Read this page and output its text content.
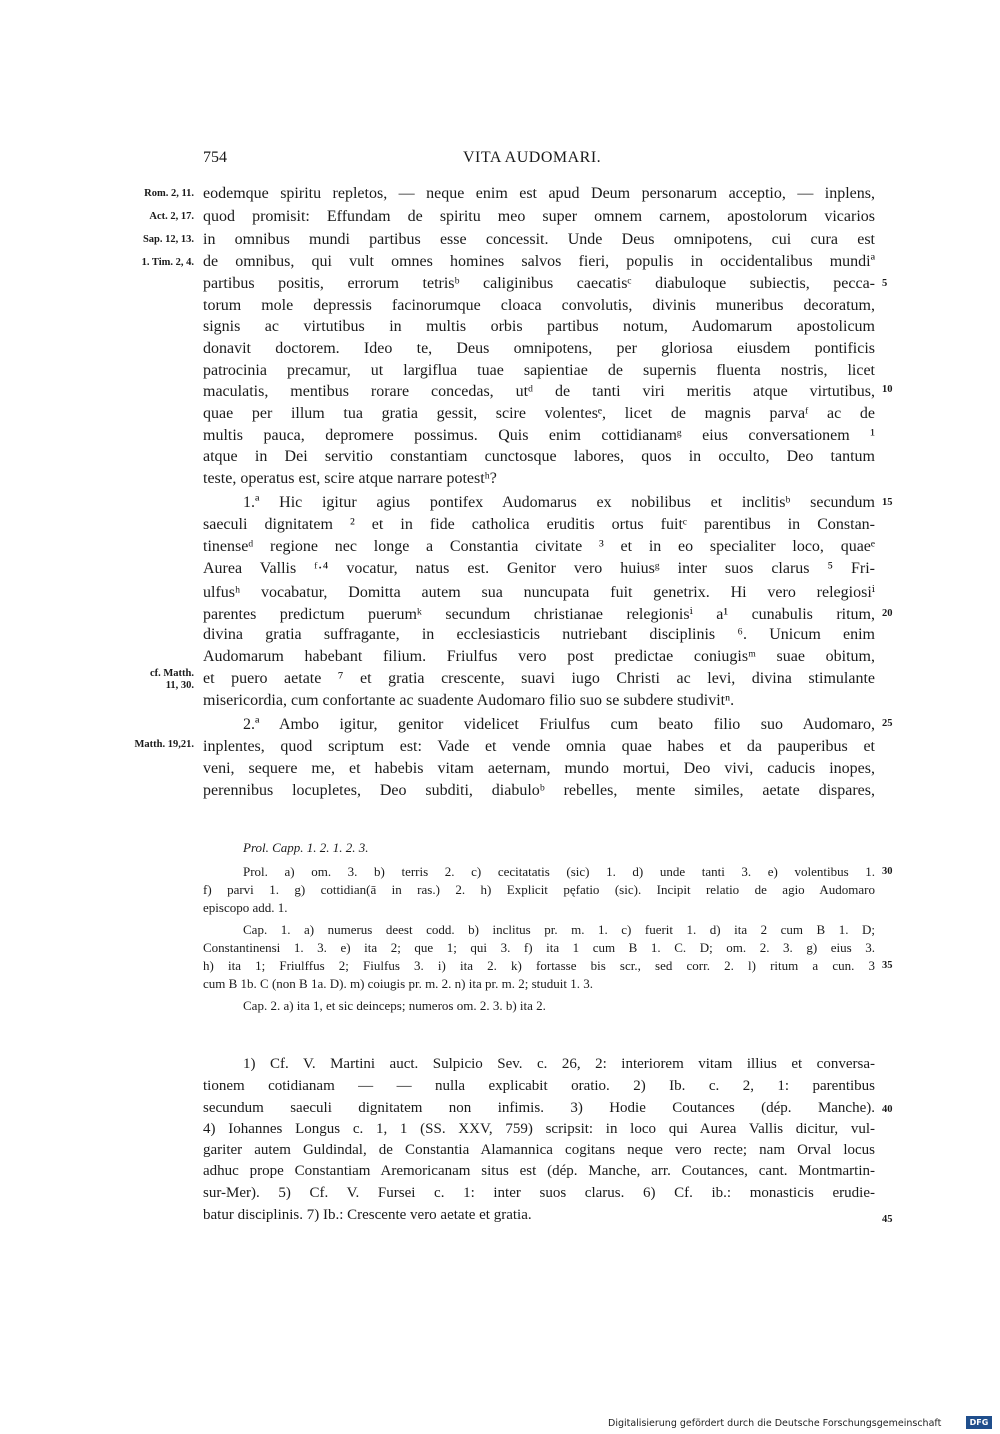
754	VITA AUDOMARI.
Rom. 2, 11.
Act. 2, 17.
Sap. 12, 13.
1. Tim. 2, 4.
cf. Matth.
11, 30.
Matth. 19,21.
5
10
15
20
25
30
35
40
45
eodemque spiritu repletos, — neque enim est apud Deum personarum acceptio, — inplens,
quod promisit: Effundam de spiritu meo super omnem carnem, apostolorum vicarios
in omnibus mundi partibus esse concessit. Unde Deus omnipotens, cui cura est
de omnibus, qui vult omnes homines salvos fieri, populis in occidentalibus mundiª
partibus positis, errorum tetrisᵇ caliginibus caecatisᶜ diabuloque subiectis, pecca-
torum mole depressis facinorumque cloaca convolutis, divinis muneribus decoratum,
signis ac virtutibus in multis orbis partibus notum, Audomarum apostolicum
donavit doctorem. Ideo te, Deus omnipotens, per gloriosa eiusdem pontificis
patrocinia precamur, ut largiflua tuae sapientiae de supernis fluenta nostris, licet
maculatis, mentibus rorare concedas, utᵈ de tanti viri meritis atque virtutibus,
quae per illum tua gratia gessit, scire volentesᵉ, licet de magnis parvaᶠ ac de
multis pauca, depromere possimus. Quis enim cottidianamᵍ eius conversationem ¹
atque in Dei servitio constantiam cunctosque labores, quos in occulto, Deo tantum
teste, operatus est, scire atque narrare potestʰ?
1.ª Hic igitur agius pontifex Audomarus ex nobilibus et inclitisᵇ secundum
saeculi dignitatem ² et in fide catholica eruditis ortus fuitᶜ parentibus in Constan-
tinenseᵈ regione nec longe a Constantia civitate ³ et in eo specialiter loco, quaeᵉ
Aurea Vallis ᶠ·⁴ vocatur, natus est. Genitor vero huiusᵍ inter suos clarus ⁵ Fri-
ulfusʰ vocabatur, Domitta autem sua nuncupata fuit genetrix. Hi vero relegiosiⁱ
parentes predictum puerumᵏ secundum christianae relegionisⁱ a¹ cunabulis ritum,
divina gratia suffragante, in ecclesiasticis nutriebant disciplinis ⁶. Unicum enim
Audomarum habebant filium. Friulfus vero post predictae coniugisᵐ suae obitum,
et puero aetate ⁷ et gratia crescente, suavi iugo Christi ac levi, divina stimulante
misericordia, cum confortante ac suadente Audomaro filio suo se subdere studivitⁿ.
2.ª Ambo igitur, genitor videlicet Friulfus cum beato filio suo Audomaro,
inplentes, quod scriptum est: Vade et vende omnia quae habes et da pauperibus et
veni, sequere me, et habebis vitam aeternam, mundo mortui, Deo vivi, caducis inopes,
perennibus locupletes, Deo subditi, diabuloᵇ rebelles, mente similes, aetate dispares,
Prol. Capp. 1. 2. 1. 2. 3.
Prol. a) om. 3. b) terris 2. c) cecitatatis (sic) 1. d) unde tanti 3. e) volentibus 1.
f) parvi 1. g) cottidian(ā in ras.) 2. h) Explicit pęfatio (sic). Incipit relatio de agio Audomaro
episcopo add. 1.
Cap. 1. a) numerus deest codd. b) inclitus pr. m. 1. c) fuerit 1. d) ita 2 cum B 1. D;
Constantinensi 1. 3. e) ita 2; que 1; qui 3. f) ita 1 cum B 1. C. D; om. 2. 3. g) eius 3.
h) ita 1; Friulffus 2; Fiulfus 3. i) ita 2. k) fortasse bis scr., sed corr. 2. l) ritum a cun. 3
cum B 1b. C (non B 1a. D). m) coiugis pr. m. 2. n) ita pr. m. 2; studuit 1. 3.
Cap. 2. a) ita 1, et sic deinceps; numeros om. 2. 3. b) ita 2.
1) Cf. V. Martini auct. Sulpicio Sev. c. 26, 2: interiorem vitam illius et conversa-
tionem cotidianam — — nulla explicabit oratio. 2) Ib. c. 2, 1: parentibus
secundum saeculi dignitatem non infimis. 3) Hodie Coutances (dép. Manche).
4) Iohannes Longus c. 1, 1 (SS. XXV, 759) scripsit: in loco qui Aurea Vallis dicitur, vul-
gariter autem Guldindal, de Constantia Alamannica cogitans neque vero recte; nam Orval locus
adhuc prope Constantiam Aremoricanam situs est (dép. Manche, arr. Coutances, cant. Montmartin-
sur-Mer). 5) Cf. V. Fursei c. 1: inter suos clarus. 6) Cf. ib.: monasticis erudie-
batur disciplinis. 7) Ib.: Crescente vero aetate et gratia.
Digitalisierung gefördert durch die Deutsche Forschungsgemeinschaft	DFG
